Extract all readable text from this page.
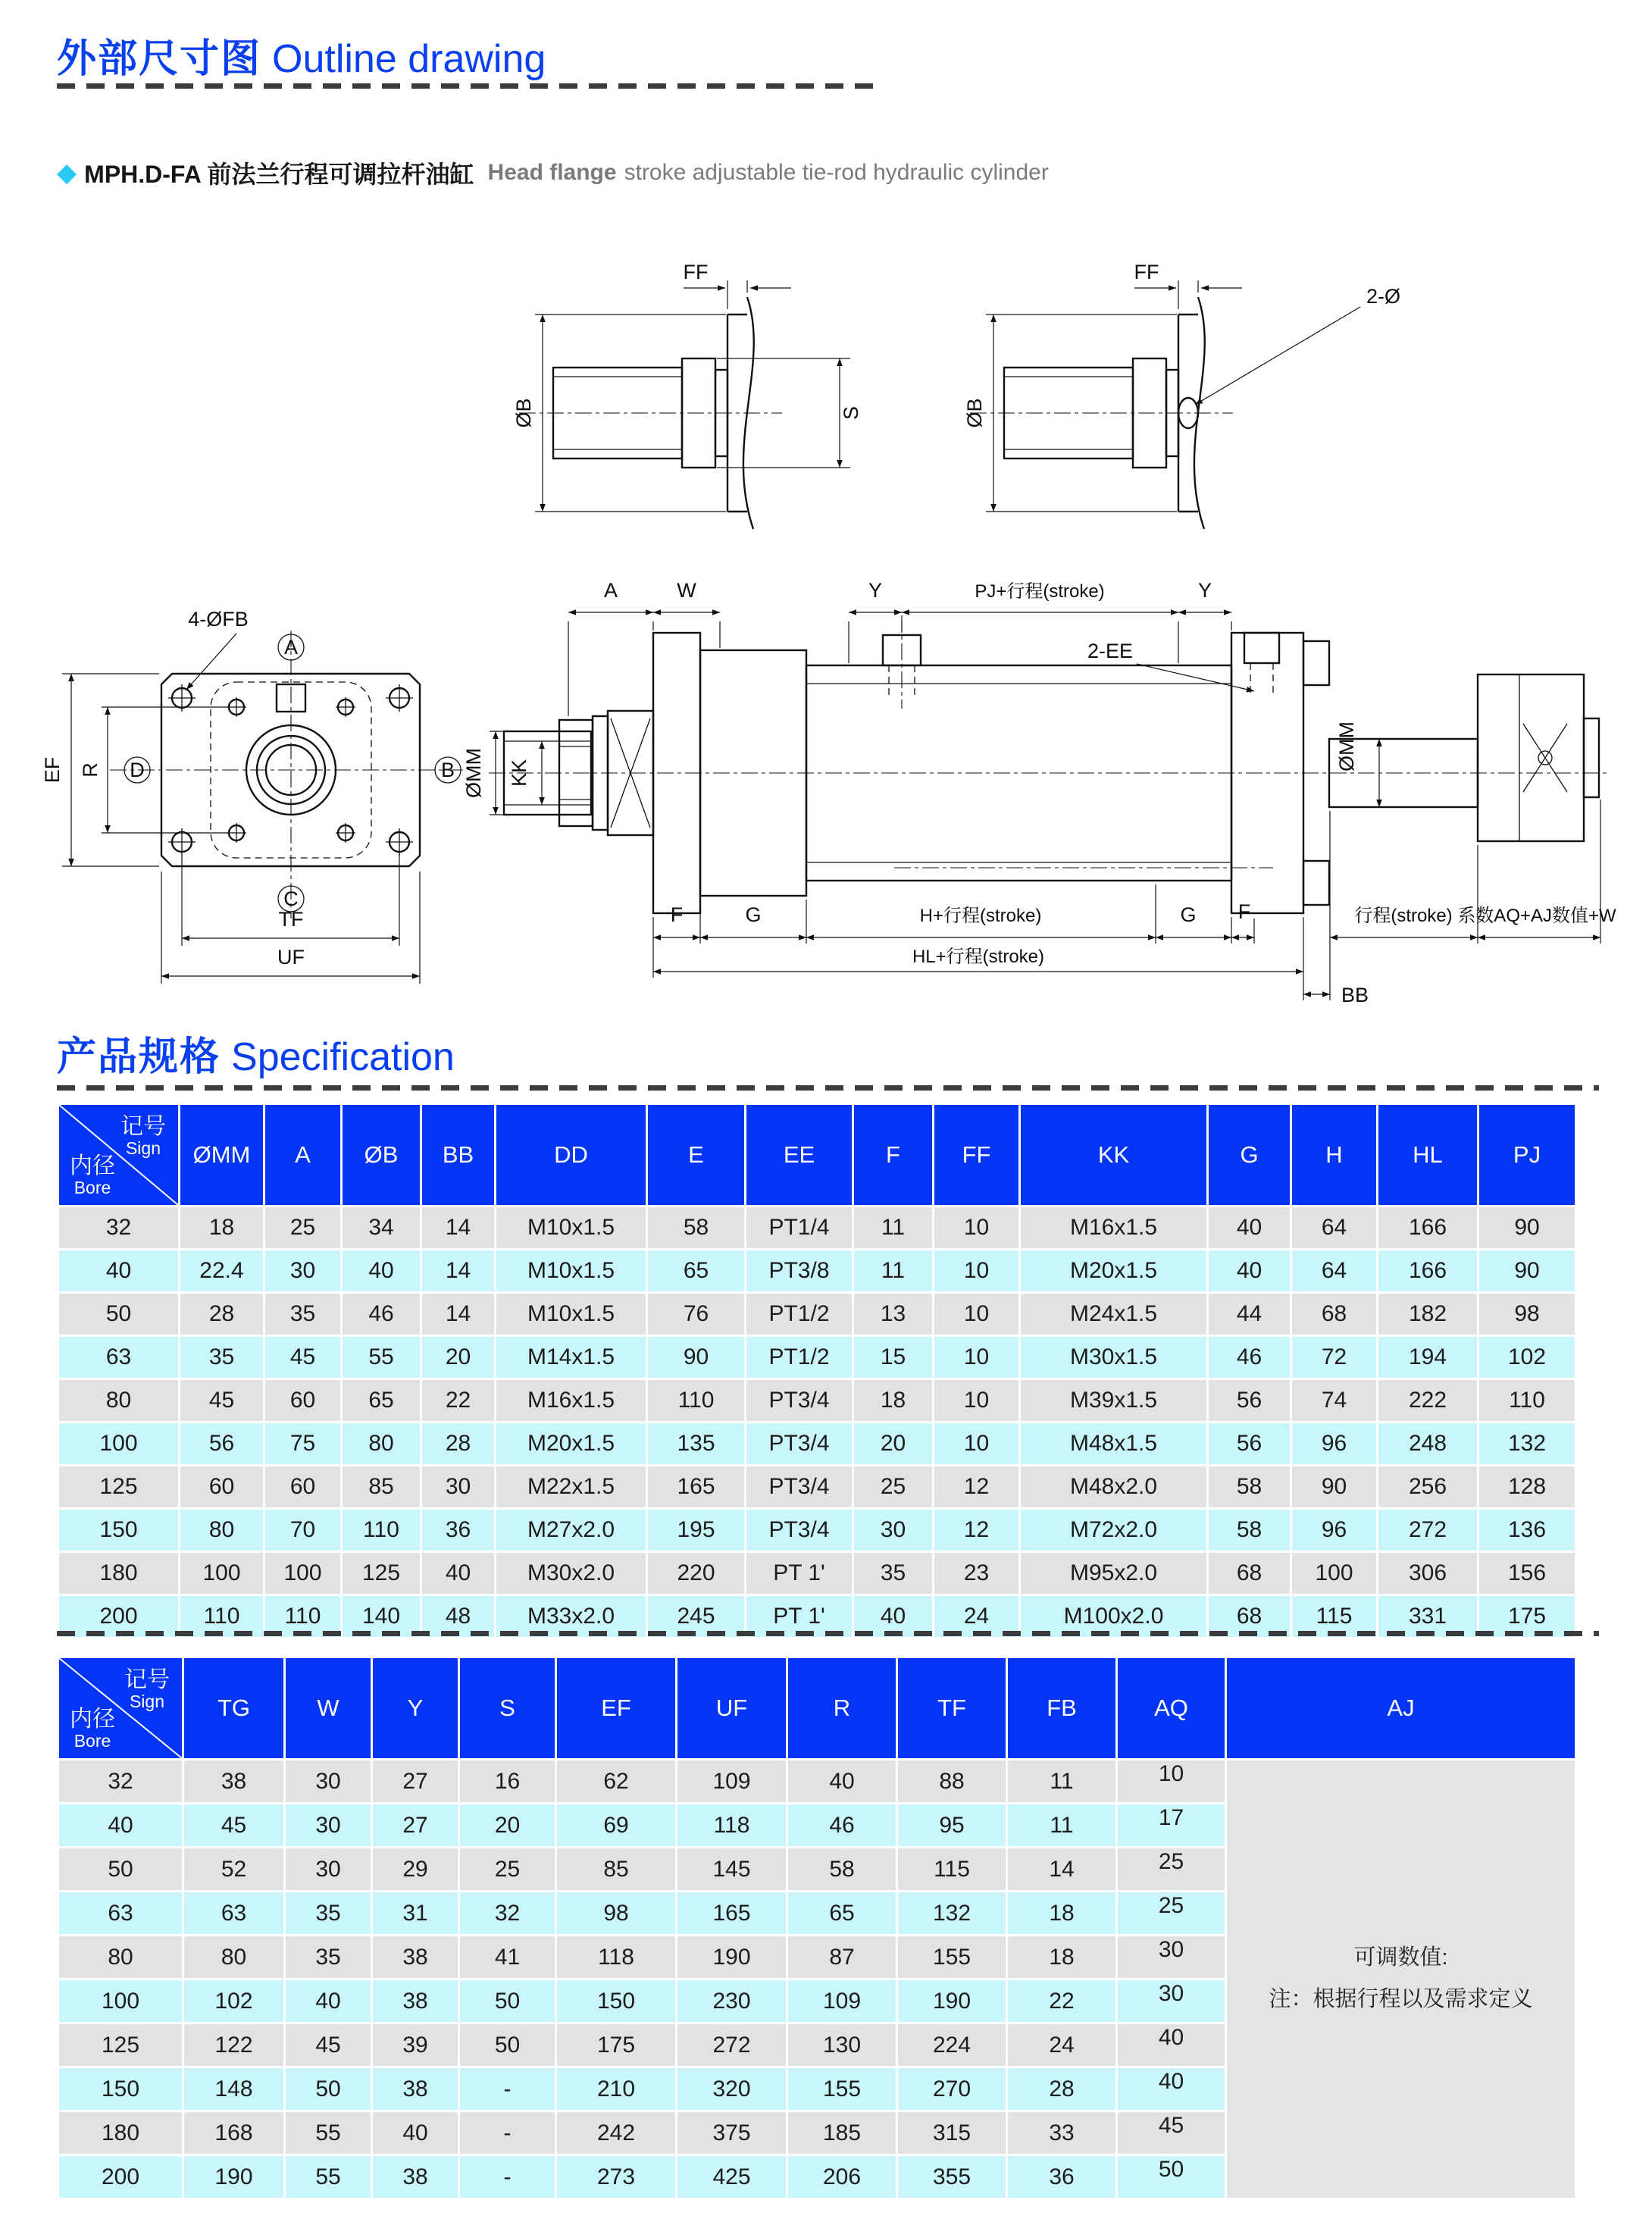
外部尺寸图 Outline drawing
◆ MPH.D-FA 前法兰行程可调拉杆油缸 Head flange stroke adjustable tie-rod hydraulic cylinder
ØB
FF
S	ØB
FF
2-Ø
A
B
C
D
EF R
TF
UF
4-ØFB
A	W	Y	PJ+行程(stroke)	Y
2-EE
ØMM KK
ØMM
F	G	H+行程(stroke)	G F	行程(stroke) 系数AQ+AJ数值+W
HL+行程(stroke)
BB
产品规格 Specification
记号
Sign
内径
Bore	ØMM	A	ØB	BB	DD	E	EE	F	FF	KK	G	H	HL	PJ
32	18	25	34	14	M10x1.5	58	PT1/4	11	10	M16x1.5	40	64	166	90
40	22.4	30	40	14	M10x1.5	65	PT3/8	11	10	M20x1.5	40	64	166	90
50	28	35	46	14	M10x1.5	76	PT1/2	13	10	M24x1.5	44	68	182	98
63	35	45	55	20	M14x1.5	90	PT1/2	15	10	M30x1.5	46	72	194	102
80	45	60	65	22	M16x1.5	110	PT3/4	18	10	M39x1.5	56	74	222	110
100	56	75	80	28	M20x1.5	135	PT3/4	20	10	M48x1.5	56	96	248	132
125	60	60	85	30	M22x1.5	165	PT3/4	25	12	M48x2.0	58	90	256	128
150	80	70	110	36	M27x2.0	195	PT3/4	30	12	M72x2.0	58	96	272	136
180	100	100	125	40	M30x2.0	220	PT 1'	35	23	M95x2.0	68	100	306	156
200	110	110	140	48	M33x2.0	245	PT 1'	40	24	M100x2.0	68	115	331	175
记号
Sign
内径
Bore	TG	W	Y	S	EF	UF	R	TF	FB	AQ	AJ
32	38	30	27	16	62	109	40	88	11	10	可调数值:
注：根据行程以及需求定义

40	45	30	27	20	69	118	46	95	11	17	
50	52	30	29	25	85	145	58	115	14	25	
63	63	35	31	32	98	165	65	132	18	25	
80	80	35	38	41	118	190	87	155	18	30	
100	102	40	38	50	150	230	109	190	22	30	
125	122	45	39	50	175	272	130	224	24	40	
150	148	50	38	-	210	320	155	270	28	40	
180	168	55	40	-	242	375	185	315	33	45	
200	190	55	38	-	273	425	206	355	36	50	
